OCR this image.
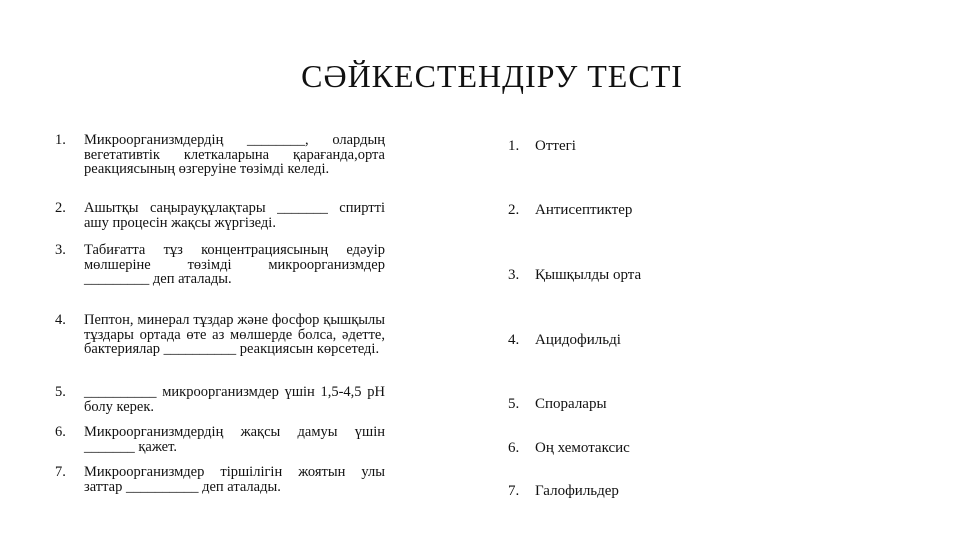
СӘЙКЕСТЕНДІРУ ТЕСТІ
1.	Микроорганизмдердің ________, олардың вегетативтік клеткаларына қарағанда,орта реакциясының өзгеруіне төзімді келеді.
2.	Ашытқы саңырауқұлақтары _______ спиртті ашу процесін жақсы жүргізеді.
3.	Табиғатта тұз концентрациясының едәуір мөлшеріне төзімді микроорганизмдер _________ деп аталады.
4.	Пептон, минерал тұздар және фосфор қышқылы тұздары ортада өте аз мөлшерде болса, әдетте, бактериялар __________ реакциясын көрсетеді.
5.	__________ микроорганизмдер үшін 1,5-4,5 pH болу керек.
6.	Микроорганизмдердің жақсы дамуы үшін _______ қажет.
7.	Микроорганизмдер тіршілігін жоятын улы заттар __________ деп аталады.
1. Оттегі
2. Антисептиктер
3. Қышқылды орта
4. Ацидофильді
5. Споралары
6. Оң хемотаксис
7. Галофильдер
